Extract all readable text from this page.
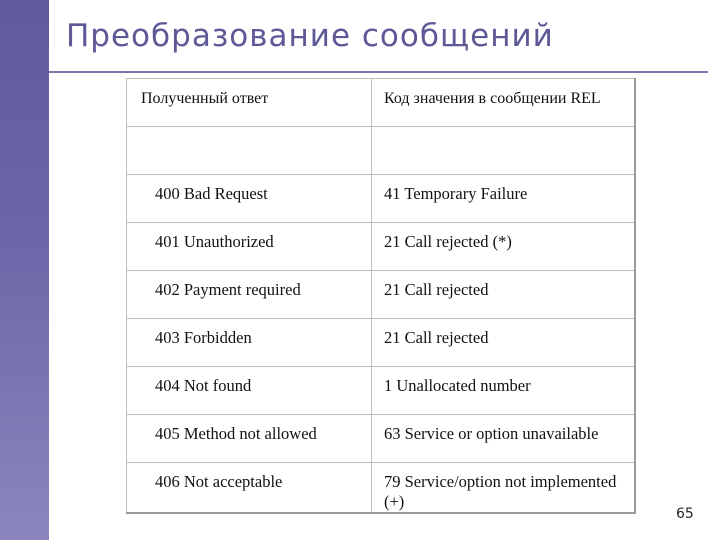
Преобразование сообщений
Полученный ответ	Код значения в сообщении REL

400 Bad Request	41 Temporary Failure
401 Unauthorized	21 Call rejected (*)
402 Payment required	21 Call rejected
403 Forbidden	21 Call rejected
404 Not found	1 Unallocated number
405 Method not allowed	63 Service or option unavailable
406 Not acceptable	79 Service/option not implemented (+)
65
